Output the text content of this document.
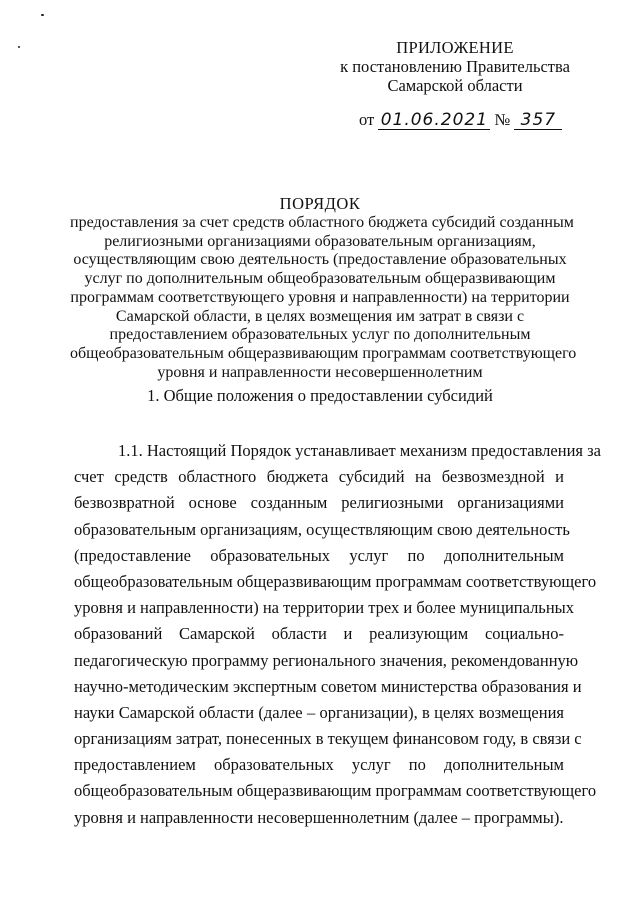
ПРИЛОЖЕНИЕ
к постановлению Правительства
Самарской области
от 01.06.2021 № 357
ПОРЯДОК
предоставления за счет средств областного бюджета субсидий созданным
религиозными организациями образовательным организациям,
осуществляющим свою деятельность (предоставление образовательных
услуг по дополнительным общеобразовательным общеразвивающим
программам соответствующего уровня и направленности) на территории
Самарской области, в целях возмещения им затрат в связи с
предоставлением образовательных услуг по дополнительным
общеобразовательным общеразвивающим программам соответствующего
уровня и направленности несовершеннолетним
1. Общие положения о предоставлении субсидий
1.1. Настоящий Порядок устанавливает механизм предоставления за
счет средств областного бюджета субсидий на безвозмездной и
безвозвратной основе созданным религиозными организациями
образовательным организациям, осуществляющим свою деятельность
(предоставление образовательных услуг по дополнительным
общеобразовательным общеразвивающим программам соответствующего
уровня и направленности) на территории трех и более муниципальных
образований Самарской области и реализующим социально-
педагогическую программу регионального значения, рекомендованную
научно-методическим экспертным советом министерства образования и
науки Самарской области (далее – организации), в целях возмещения
организациям затрат, понесенных в текущем финансовом году, в связи с
предоставлением образовательных услуг по дополнительным
общеобразовательным общеразвивающим программам соответствующего
уровня и направленности несовершеннолетним (далее – программы).
